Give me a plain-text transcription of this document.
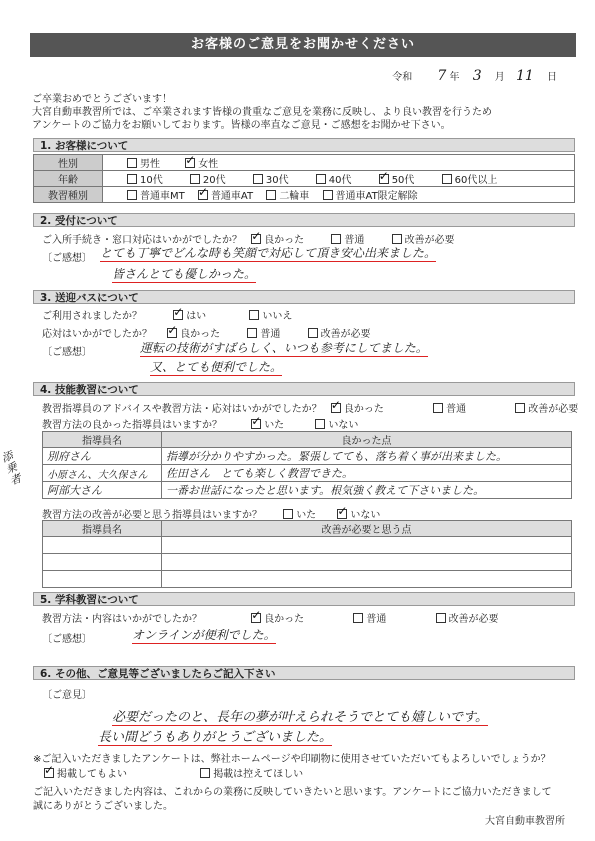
お客様のご意見をお聞かせください
令和 7 年 3 月 11 日
ご卒業おめでとうございます！
大宮自動車教習所では、ご卒業されます皆様の貴重なご意見を業務に反映し、より良い教習を行うため
アンケートのご協力をお願いしております。皆様の率直なご意見・ご感想をお聞かせ下さい。
1. お客様について
性別	男性 ✓ 女性
年齢	10代 20代 30代 40代 ✓ 50代 60代以上
教習種別	普通車MT ✓ 普通車AT 二輪車 普通車AT限定解除
2. 受付について
ご入所手続き・窓口対応はいかがでしたか？ ✓ 良かった	普通	改善が必要
〔ご感想〕 とても丁寧でどんな時も笑顔で対応して頂き安心出来ました。
皆さんとても優しかった。
3. 送迎バスについて
ご利用されましたか？ ✓	はい	いいえ
応対はいかがでしたか？ ✓	良かった	普通	改善が必要
〔ご感想〕	運転の技術がすばらしく、いつも参考にしてました。
又、とても便利でした。
4. 技能教習について
教習指導員のアドバイスや教習方法・応対はいかがでしたか？ ✓ 良かった	普通	改善が必要
教習方法の良かった指導員はいますか？ ✓	いた	いない
添乗者
指導員名	良かった点
別府さん	指導が分かりやすかった。緊張してても、落ち着く事が出来ました。
小原さん、大久保さん	佐田さん　とても楽しく教習できた。
阿部大さん	一番お世話になったと思います。根気強く教えて下さいました。
教習方法の改善が必要と思う指導員はいますか？	いた ✓	いない
指導員名	改善が必要と思う点

5. 学科教習について
教習方法・内容はいかがでしたか？ ✓	良かった	普通	改善が必要
〔ご感想〕	オンラインが便利でした。
6. その他、ご意見等ございましたらご記入下さい
〔ご意見〕
必要だったのと、長年の夢が叶えられそうでとても嬉しいです。
長い間どうもありがとうございました。
※ご記入いただきましたアンケートは、弊社ホームページや印刷物に使用させていただいてもよろしいでしょうか？
✓掲載してもよい	掲載は控えてほしい
ご記入いただきました内容は、これからの業務に反映していきたいと思います。アンケートにご協力いただきまして
誠にありがとうございました。
大宮自動車教習所
